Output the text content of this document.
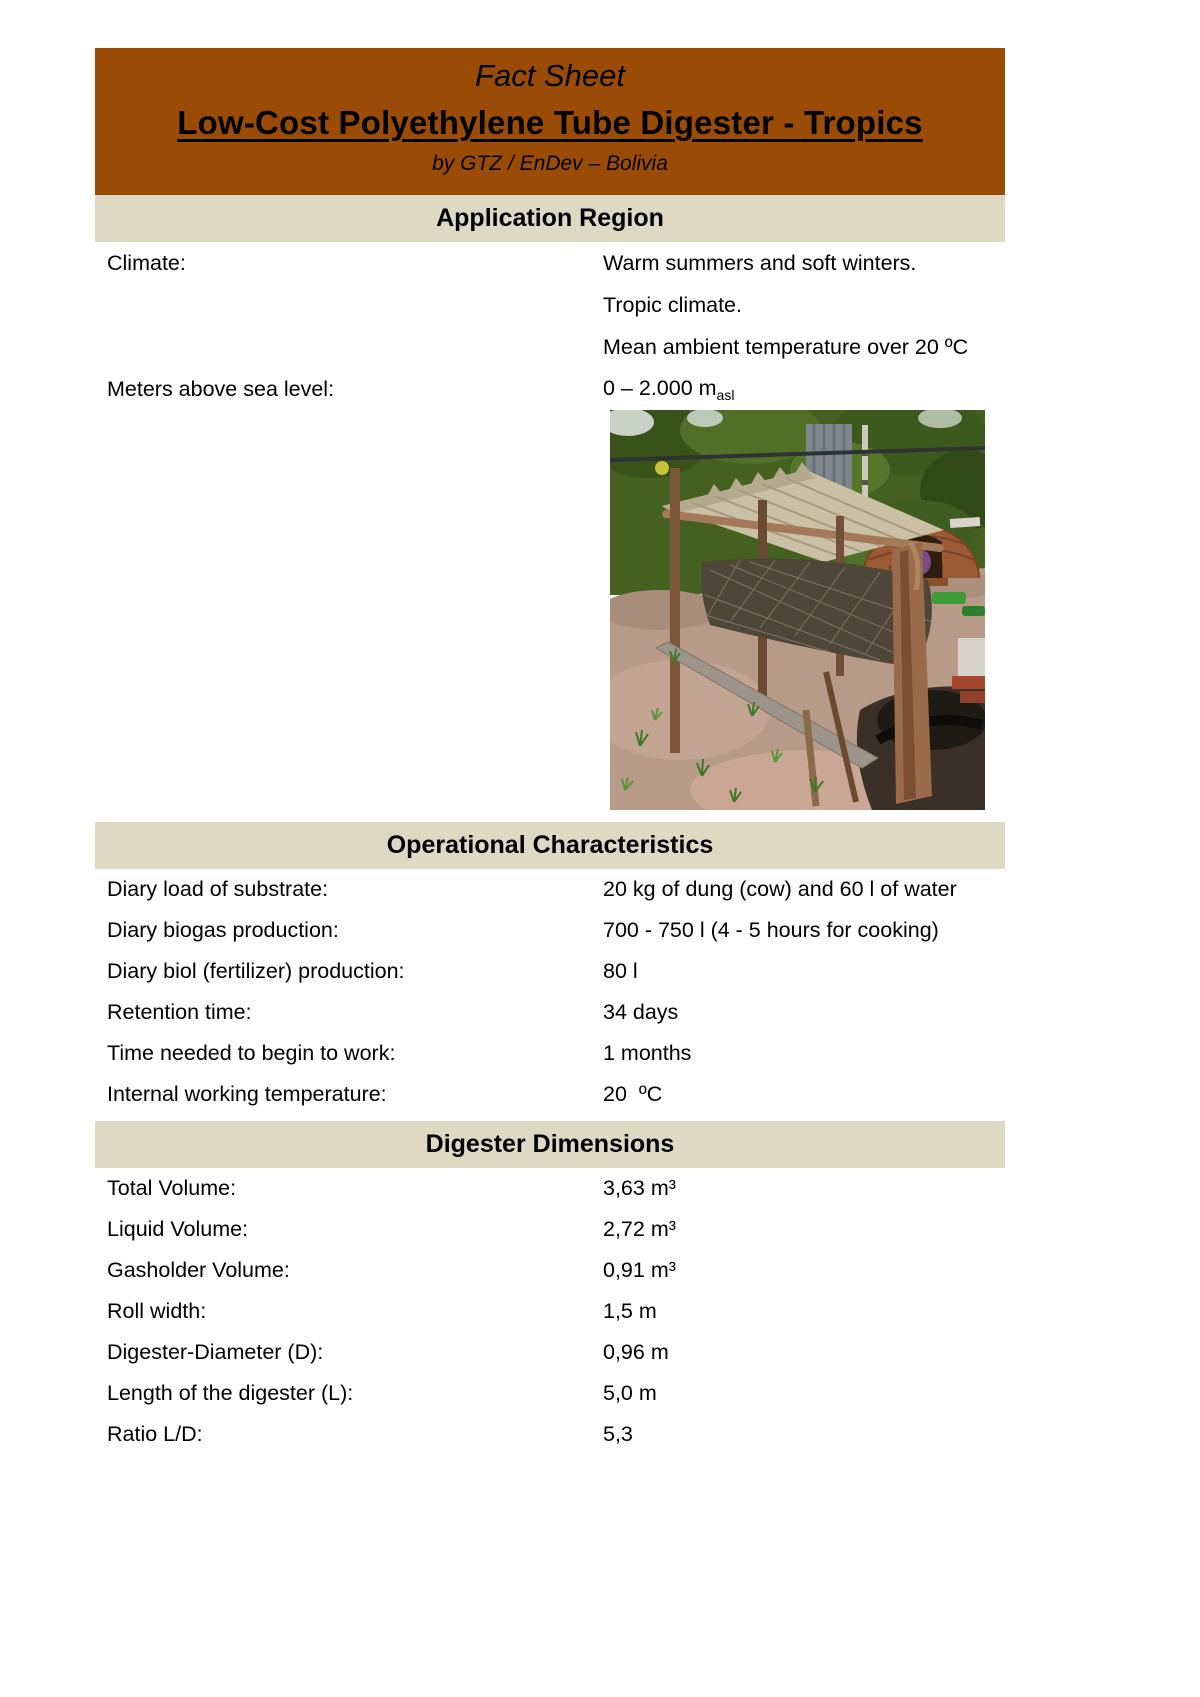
Fact Sheet
Low-Cost Polyethylene Tube Digester - Tropics
by GTZ / EnDev – Bolivia
Application Region
Climate:	Warm summers and soft winters.
Tropic climate.
Mean ambient temperature over 20 ºC
Meters above sea level:	0 – 2.000 $m_{asl}$
Operational Characteristics
Diary load of substrate:	20 kg of dung (cow) and 60 l of water
Diary biogas production:	700 - 750 l (4 - 5 hours for cooking)
Diary biol (fertilizer) production:	80 l
Retention time:	34 days
Time needed to begin to work:	1 months
Internal working temperature:	20  ºC
Digester Dimensions
Total Volume:	3,63 m³
Liquid Volume:	2,72 m³
Gasholder Volume:	0,91 m³
Roll width:	1,5 m
Digester-Diameter (D):	0,96 m
Length of the digester (L):	5,0 m
Ratio L/D:	5,3
